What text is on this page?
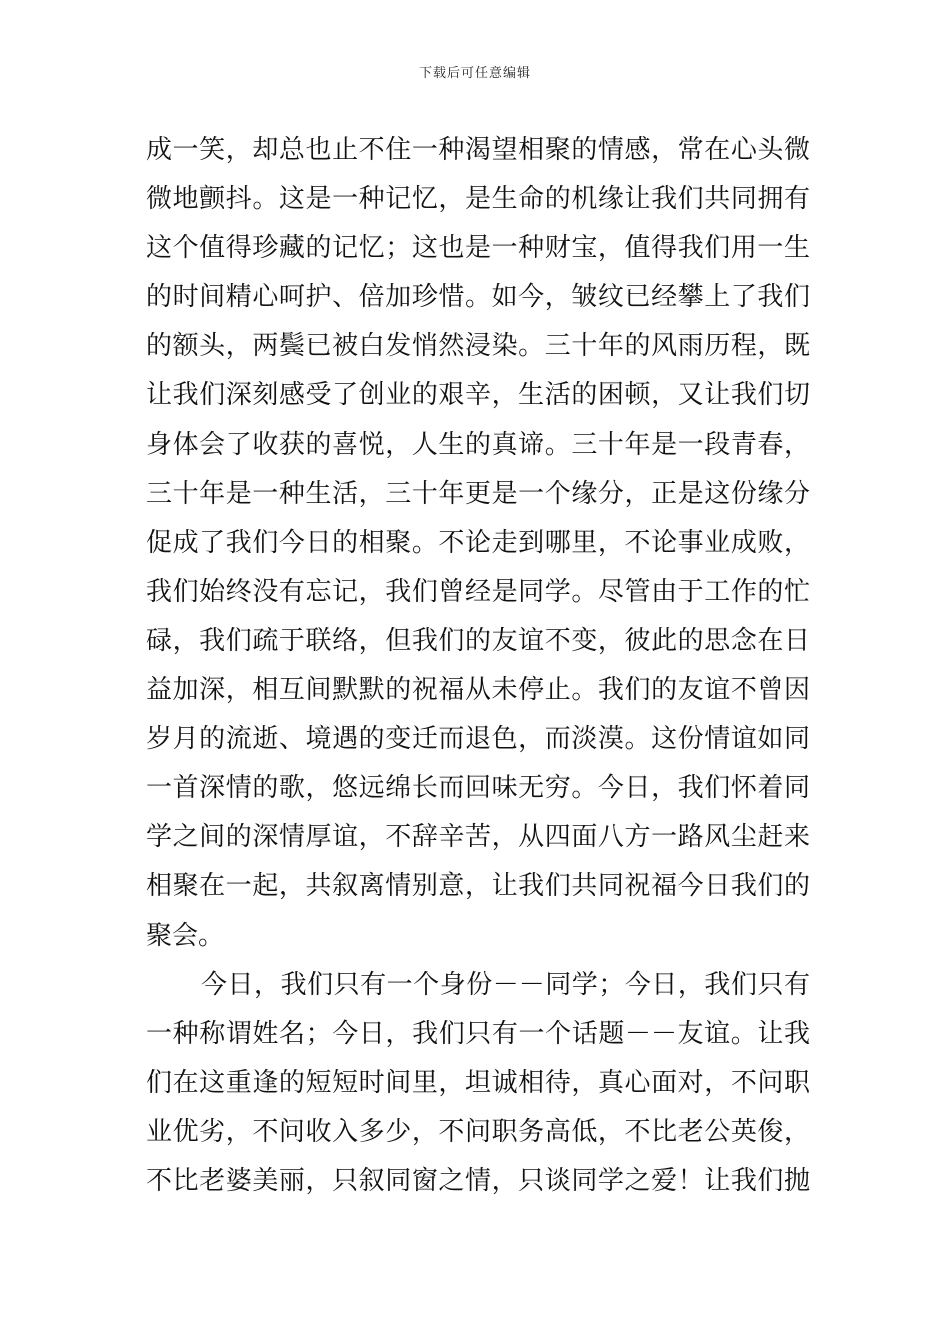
下载后可任意编辑
成一笑，却总也止不住一种渴望相聚的情感，常在心头微
微地颤抖。这是一种记忆，是生命的机缘让我们共同拥有
这个值得珍藏的记忆；这也是一种财宝，值得我们用一生
的时间精心呵护、倍加珍惜。如今，皱纹已经攀上了我们
的额头，两鬓已被白发悄然浸染。三十年的风雨历程，既
让我们深刻感受了创业的艰辛，生活的困顿，又让我们切
身体会了收获的喜悦，人生的真谛。三十年是一段青春，
三十年是一种生活，三十年更是一个缘分，正是这份缘分
促成了我们今日的相聚。不论走到哪里，不论事业成败，
我们始终没有忘记，我们曾经是同学。尽管由于工作的忙
碌，我们疏于联络，但我们的友谊不变，彼此的思念在日
益加深，相互间默默的祝福从未停止。我们的友谊不曾因
岁月的流逝、境遇的变迁而退色，而淡漠。这份情谊如同
一首深情的歌，悠远绵长而回味无穷。今日，我们怀着同
学之间的深情厚谊，不辞辛苦，从四面八方一路风尘赶来
相聚在一起，共叙离情别意，让我们共同祝福今日我们的
聚会。
今日，我们只有一个身份－－同学；今日，我们只有
一种称谓姓名；今日，我们只有一个话题－－友谊。让我
们在这重逢的短短时间里，坦诚相待，真心面对，不问职
业优劣，不问收入多少，不问职务高低，不比老公英俊，
不比老婆美丽，只叙同窗之情，只谈同学之爱！让我们抛
